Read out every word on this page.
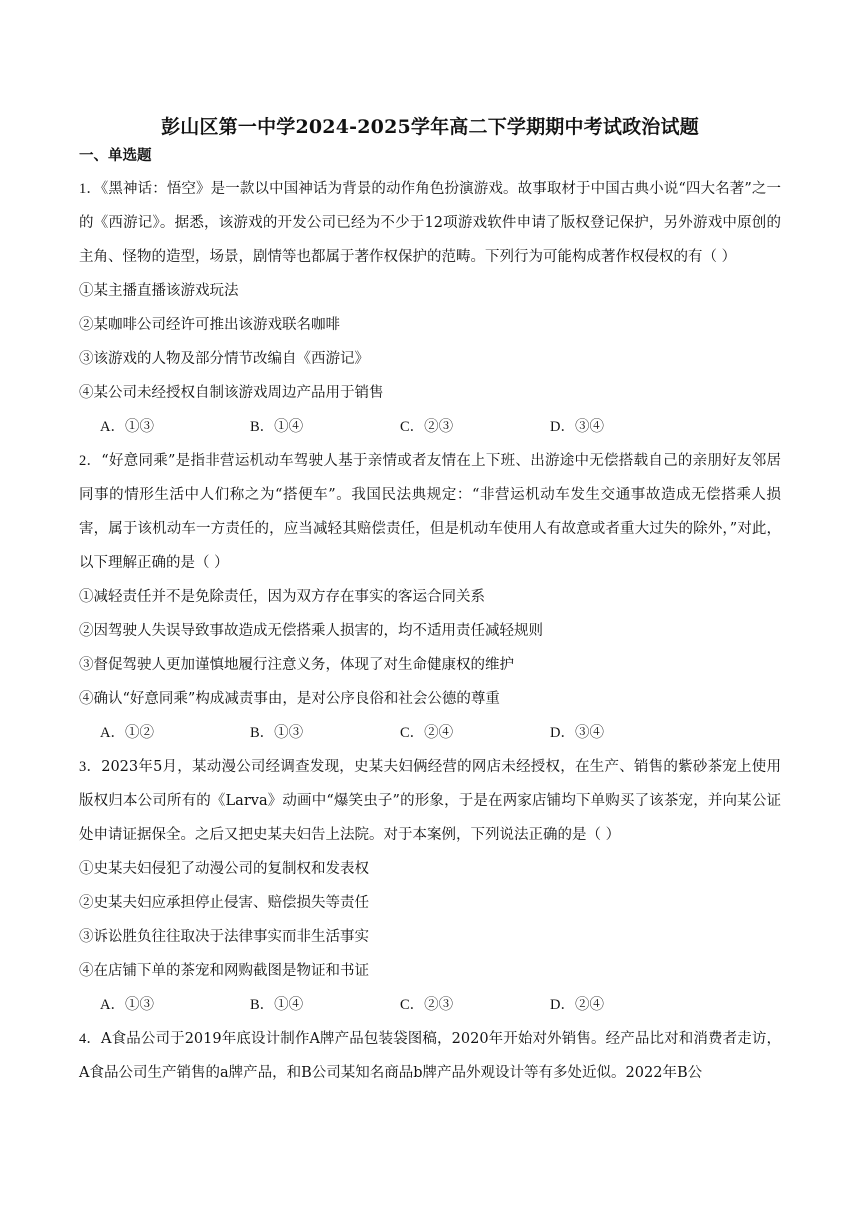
彭山区第一中学2024-2025学年高二下学期期中考试政治试题
一、单选题

1．《黑神话：悟空》是一款以中国神话为背景的动作角色扮演游戏。故事取材于中国古典小说“四大名著”之一的《西游记》。据悉，该游戏的开发公司已经为不少于12项游戏软件申请了版权登记保护，另外游戏中原创的主角、怪物的造型，场景，剧情等也都属于著作权保护的范畴。下列行为可能构成著作权侵权的有（ ）

①某主播直播该游戏玩法

②某咖啡公司经许可推出该游戏联名咖啡

③该游戏的人物及部分情节改编自《西游记》

④某公司未经授权自制该游戏周边产品用于销售

A．①③	B．①④	C．②③	D．③④

2．“好意同乘”是指非营运机动车驾驶人基于亲情或者友情在上下班、出游途中无偿搭载自己的亲朋好友邻居同事的情形生活中人们称之为“搭便车”。我国民法典规定：“非营运机动车发生交通事故造成无偿搭乘人损害，属于该机动车一方责任的，应当减轻其赔偿责任，但是机动车使用人有故意或者重大过失的除外，”对此，以下理解正确的是（ ）

①减轻责任并不是免除责任，因为双方存在事实的客运合同关系

②因驾驶人失误导致事故造成无偿搭乘人损害的，均不适用责任减轻规则

③督促驾驶人更加谨慎地履行注意义务，体现了对生命健康权的维护

④确认“好意同乘”构成减责事由，是对公序良俗和社会公德的尊重

A．①②	B．①③	C．②④	D．③④

3．2023年5月，某动漫公司经调查发现，史某夫妇俩经营的网店未经授权，在生产、销售的紫砂茶宠上使用版权归本公司所有的《Larva》动画中“爆笑虫子”的形象，于是在两家店铺均下单购买了该茶宠，并向某公证处申请证据保全。之后又把史某夫妇告上法院。对于本案例，下列说法正确的是（ ）

①史某夫妇侵犯了动漫公司的复制权和发表权

②史某夫妇应承担停止侵害、赔偿损失等责任

③诉讼胜负往往取决于法律事实而非生活事实

④在店铺下单的茶宠和网购截图是物证和书证

A．①③	B．①④	C．②③	D．②④

4．A食品公司于2019年底设计制作A牌产品包装袋图稿，2020年开始对外销售。经产品比对和消费者走访，A食品公司生产销售的a牌产品，和B公司某知名商品b牌产品外观设计等有多处近似。2022年B公
